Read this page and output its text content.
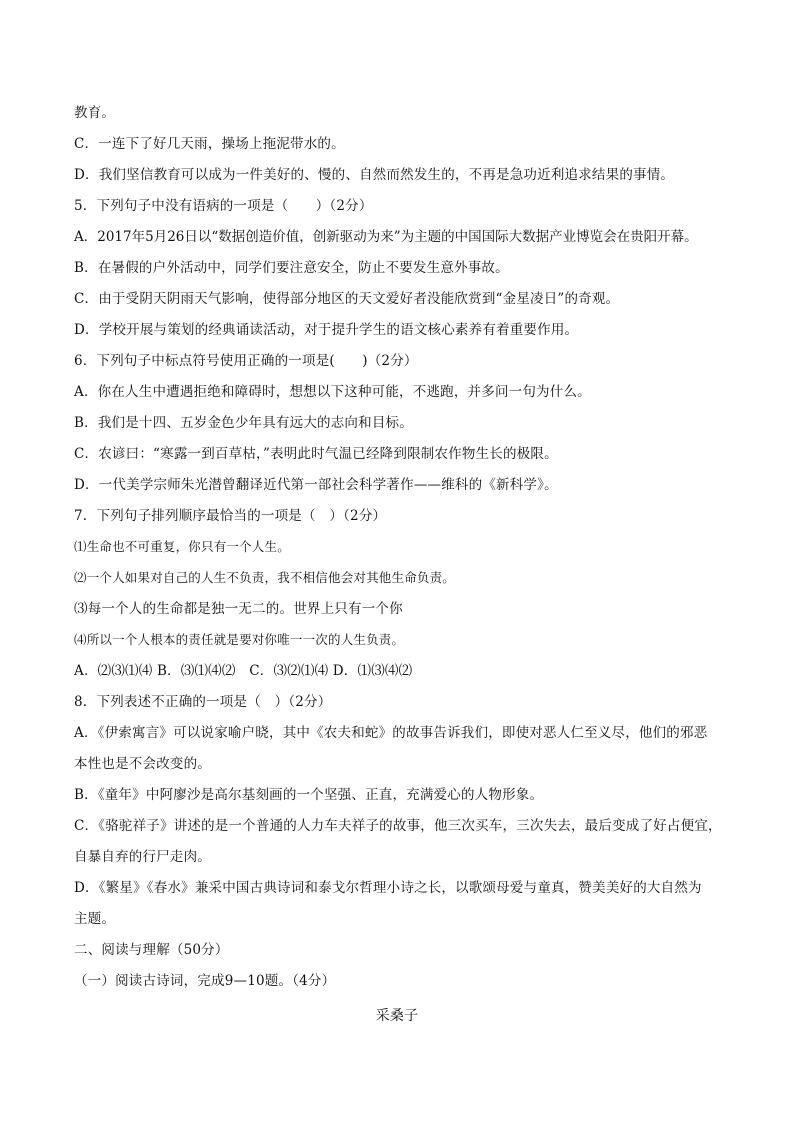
教育。
C．一连下了好几天雨，操场上拖泥带水的。
D．我们坚信教育可以成为一件美好的、慢的、自然而然发生的，不再是急功近利追求结果的事情。
5．下列句子中没有语病的一项是（　　）（2分）
A．2017年5月26日以“数据创造价值，创新驱动为来”为主题的中国国际大数据产业博览会在贵阳开幕。
B．在暑假的户外活动中，同学们要注意安全，防止不要发生意外事故。
C．由于受阴天阴雨天气影响，使得部分地区的天文爱好者没能欣赏到“金星凌日”的奇观。
D．学校开展与策划的经典诵读活动，对于提升学生的语文核心素养有着重要作用。
6．下列句子中标点符号使用正确的一项是(　　)（2分）
A．你在人生中遭遇拒绝和障碍时，想想以下这种可能，不逃跑，并多问一句为什么。
B．我们是十四、五岁金色少年具有远大的志向和目标。
C．农谚曰：“寒露一到百草枯，”表明此时气温已经降到限制农作物生长的极限。
D．一代美学宗师朱光潜曾翻译近代第一部社会科学著作——维科的《新科学》。
7．下列句子排列顺序最恰当的一项是（　）（2分）
⑴生命也不可重复，你只有一个人生。
⑵一个人如果对自己的人生不负责，我不相信他会对其他生命负责。
⑶每一个人的生命都是独一无二的。世界上只有一个你
⑷所以一个人根本的责任就是要对你唯一一次的人生负责。
A．⑵⑶⑴⑷ B．⑶⑴⑷⑵　C．⑶⑵⑴⑷ D．⑴⑶⑷⑵
8．下列表述不正确的一项是（　）（2分）
A．《伊索寓言》可以说家喻户晓，其中《农夫和蛇》的故事告诉我们，即使对恶人仁至义尽，他们的邪恶
本性也是不会改变的。
B．《童年》中阿廖沙是高尔基刻画的一个坚强、正直，充满爱心的人物形象。
C．《骆驼祥子》讲述的是一个普通的人力车夫祥子的故事，他三次买车，三次失去，最后变成了好占便宜，
自暴自弃的行尸走肉。
D．《繁星》《春水》兼采中国古典诗词和泰戈尔哲理小诗之长，以歌颂母爱与童真，赞美美好的大自然为
主题。
二、阅读与理解（50分）
（一）阅读古诗词，完成9—10题。（4分）
采桑子
